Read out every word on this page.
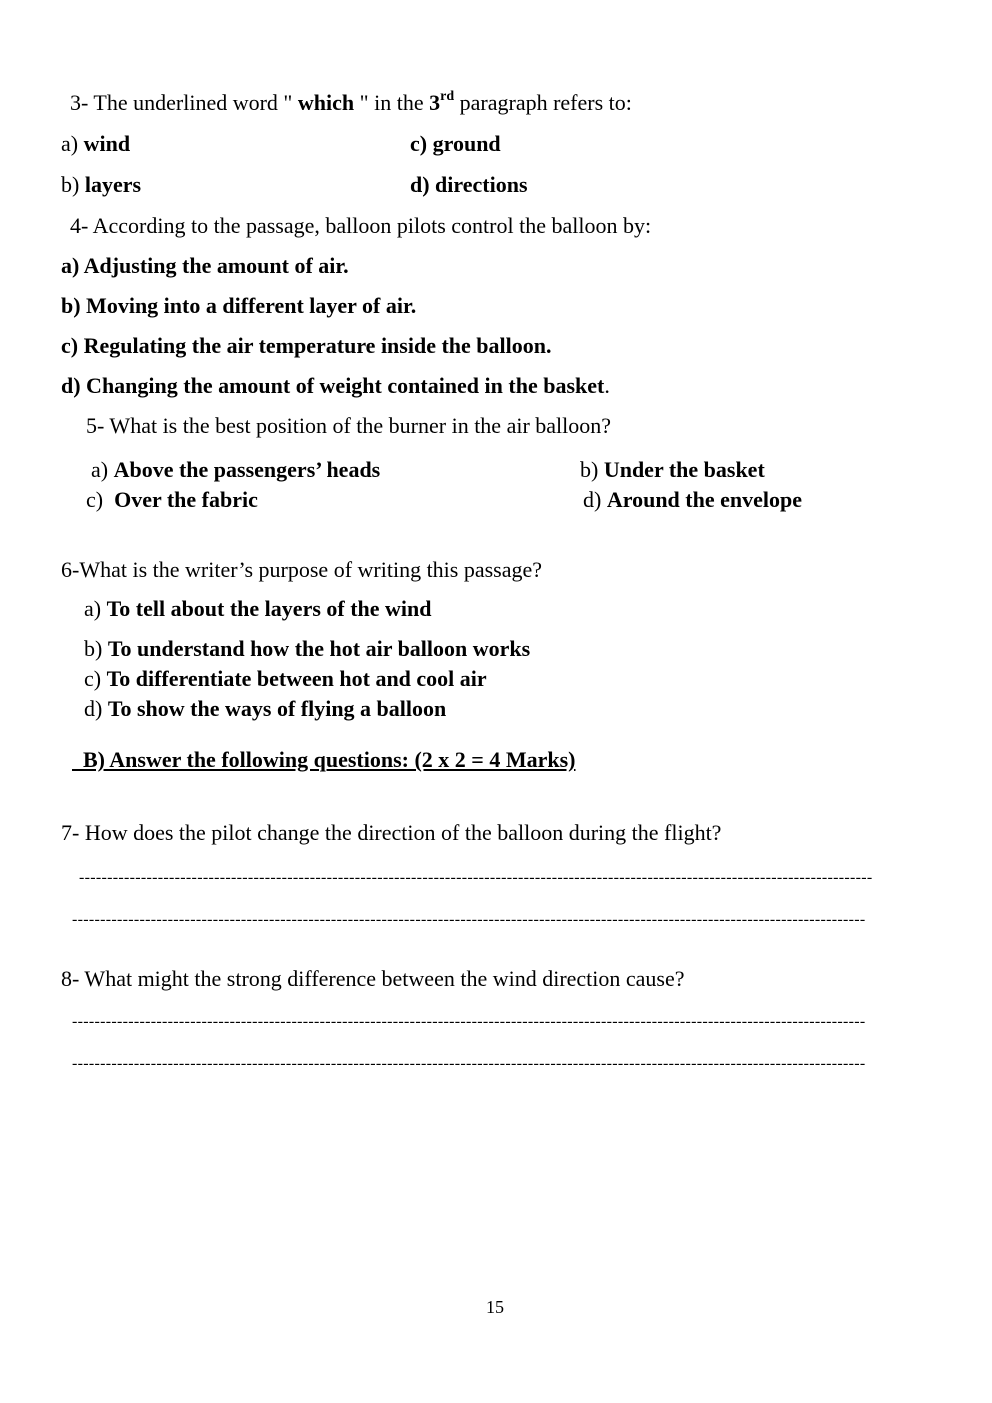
3- The underlined word " which " in the 3rd paragraph refers to:
a) wind	c) ground
b) layers	d) directions
4- According to the passage, balloon pilots control the balloon by:
a) Adjusting the amount of air.
b) Moving into a different layer of air.
c) Regulating the air temperature inside the balloon.
d) Changing the amount of weight contained in the basket.
5- What is the best position of the burner in the air balloon?
a) Above the passengers’ heads	b) Under the basket
c) Over the fabric	d) Around the envelope
6-What is the writer’s purpose of writing this passage?
a) To tell about the layers of the wind
b) To understand how the hot air balloon works
c) To differentiate between hot and cool air
d) To show the ways of flying a balloon
B) Answer the following questions: (2 x 2 = 4 Marks)
7- How does the pilot change the direction of the balloon during the flight?
---------------------------------------------------------------------------------------------------------------------------------------------
---------------------------------------------------------------------------------------------------------------------------------------------
8- What might the strong difference between the wind direction cause?
---------------------------------------------------------------------------------------------------------------------------------------------
---------------------------------------------------------------------------------------------------------------------------------------------
15
